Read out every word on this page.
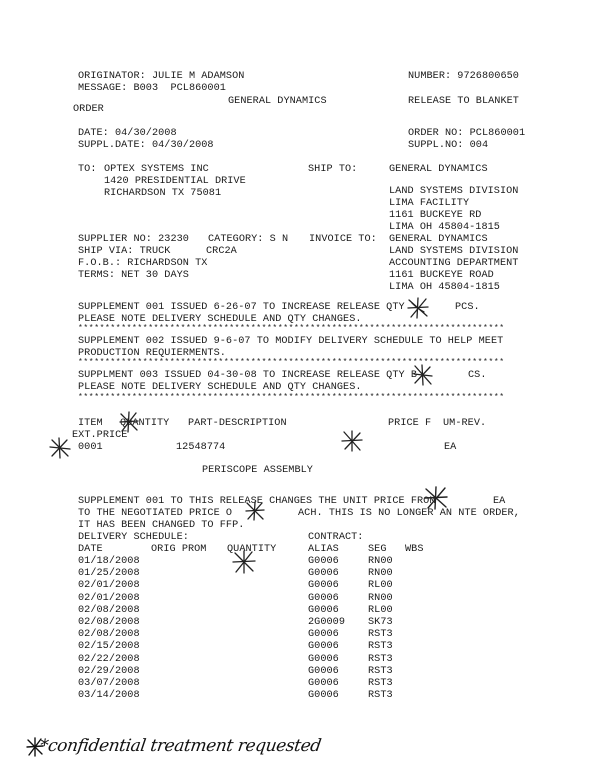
ORIGINATOR: JULIE M ADAMSON	NUMBER: 9726800650
MESSAGE: B003  PCL860001
GENERAL DYNAMICS	RELEASE TO BLANKET
ORDER
DATE: 04/30/2008	ORDER NO: PCL860001
SUPPL.DATE: 04/30/2008	SUPPL.NO: 004
TO: OPTEX SYSTEMS INC
1420 PRESIDENTIAL DRIVE
RICHARDSON TX 75081
SHIP TO:	GENERAL DYNAMICS
LAND SYSTEMS DIVISION
LIMA FACILITY
1161 BUCKEYE RD
LIMA OH 45804-1815
SUPPLIER NO: 23230 CATEGORY: S N INVOICE TO: GENERAL DYNAMICS
SHIP VIA: TRUCK	CRC2A	LAND SYSTEMS DIVISION
F.O.B.: RICHARDSON TX	ACCOUNTING DEPARTMENT
TERMS: NET 30 DAYS	1161 BUCKEYE ROAD
LIMA OH 45804-1815
SUPPLEMENT 001 ISSUED 6-26-07 TO INCREASE RELEASE QTY	PCS.
PLEASE NOTE DELIVERY SCHEDULE AND QTY CHANGES.
*******************************************************************************
SUPPLEMENT 002 ISSUED 9-6-07 TO MODIFY DELIVERY SCHEDULE TO HELP MEET
PRODUCTION REQUIERMENTS.
*******************************************************************************
SUPPLMENT 003 ISSUED 04-30-08 TO INCREASE RELEASE QTY B	CS.
PLEASE NOTE DELIVERY SCHEDULE AND QTY CHANGES.
*******************************************************************************
ITEM QUANTITY PART-DESCRIPTION	PRICE F UM-REV.
EXT.PRICE
0001	12548774	EA
PERISCOPE ASSEMBLY
SUPPLEMENT 001 TO THIS RELEASE CHANGES THE UNIT PRICE FROM	EA
TO THE NEGOTIATED PRICE O	ACH. THIS IS NO LONGER AN NTE ORDER,
IT HAS BEEN CHANGED TO FFP.
DELIVERY SCHEDULE:	CONTRACT:
DATE	ORIG PROM QUANTITY	ALIAS	SEG WBS
01/18/2008	G0006	RN00
01/25/2008	G0006	RN00
02/01/2008	G0006	RL00
02/01/2008	G0006	RN00
02/08/2008	G0006	RL00
02/08/2008	2G0009 SK73
02/08/2008	G0006	RST3
02/15/2008	G0006	RST3
02/22/2008	G0006	RST3
02/29/2008	G0006	RST3
03/07/2008	G0006	RST3
03/14/2008	G0006	RST3
*confidential treatment requested
